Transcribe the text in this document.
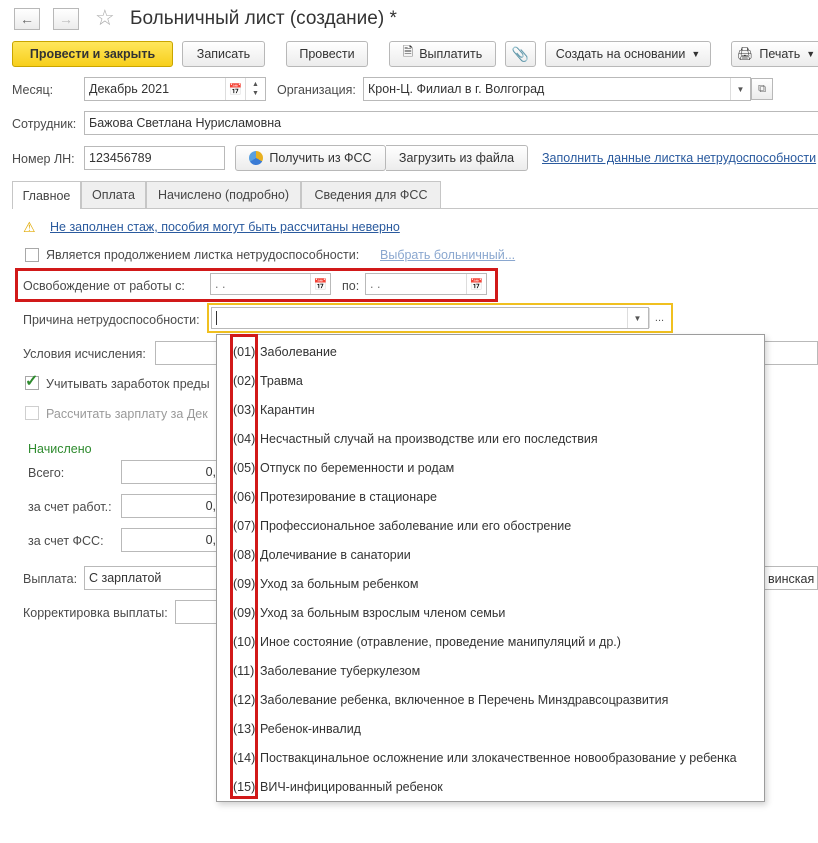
← → ☆ Больничный лист (создание) *
Провести и закрыть	Записать	Провести	🗎 Выплатить 📎 Создать на основании ▼	🖨 Печать ▼
Месяц:	Декабрь 2021	📅 ▲
▼ Организация: Крон-Ц. Филиал в г. Волгоград	▼ ⧉
Сотрудник: Бажова Светлана Нурисламовна
Номер ЛН: 123456789	Получить из ФСС Загрузить из файла Заполнить данные листка нетрудоспособности
Главное Оплата Начислено (подробно) Сведения для ФСС
⚠ Не заполнен стаж, пособия могут быть рассчитаны неверно
Является продолжением листка нетрудоспособности: Выбрать больничный...
Освобождение от работы с: . .	📅 по: . .	📅
Причина нетрудоспособности:	▼ ...
Условия исчисления:
✓ Учитывать заработок преды
Рассчитать зарплату за Дек
Начислено
Всего:	0,
за счет работ.:	0,
за счет ФСС:	0,
Выплата: С зарплатой	винская
Корректировка выплаты:
(01) Заболевание
(02) Травма
(03) Карантин
(04) Несчастный случай на производстве или его последствия
(05) Отпуск по беременности и родам
(06) Протезирование в стационаре
(07) Профессиональное заболевание или его обострение
(08) Долечивание в санатории
(09) Уход за больным ребенком
(09) Уход за больным взрослым членом семьи
(10) Иное состояние (отравление, проведение манипуляций и др.)
(11) Заболевание туберкулезом
(12) Заболевание ребенка, включенное в Перечень Минздравсоцразвития
(13) Ребенок-инвалид
(14) Поствакцинальное осложнение или злокачественное новообразование у ребенка
(15) ВИЧ-инфицированный ребенок
